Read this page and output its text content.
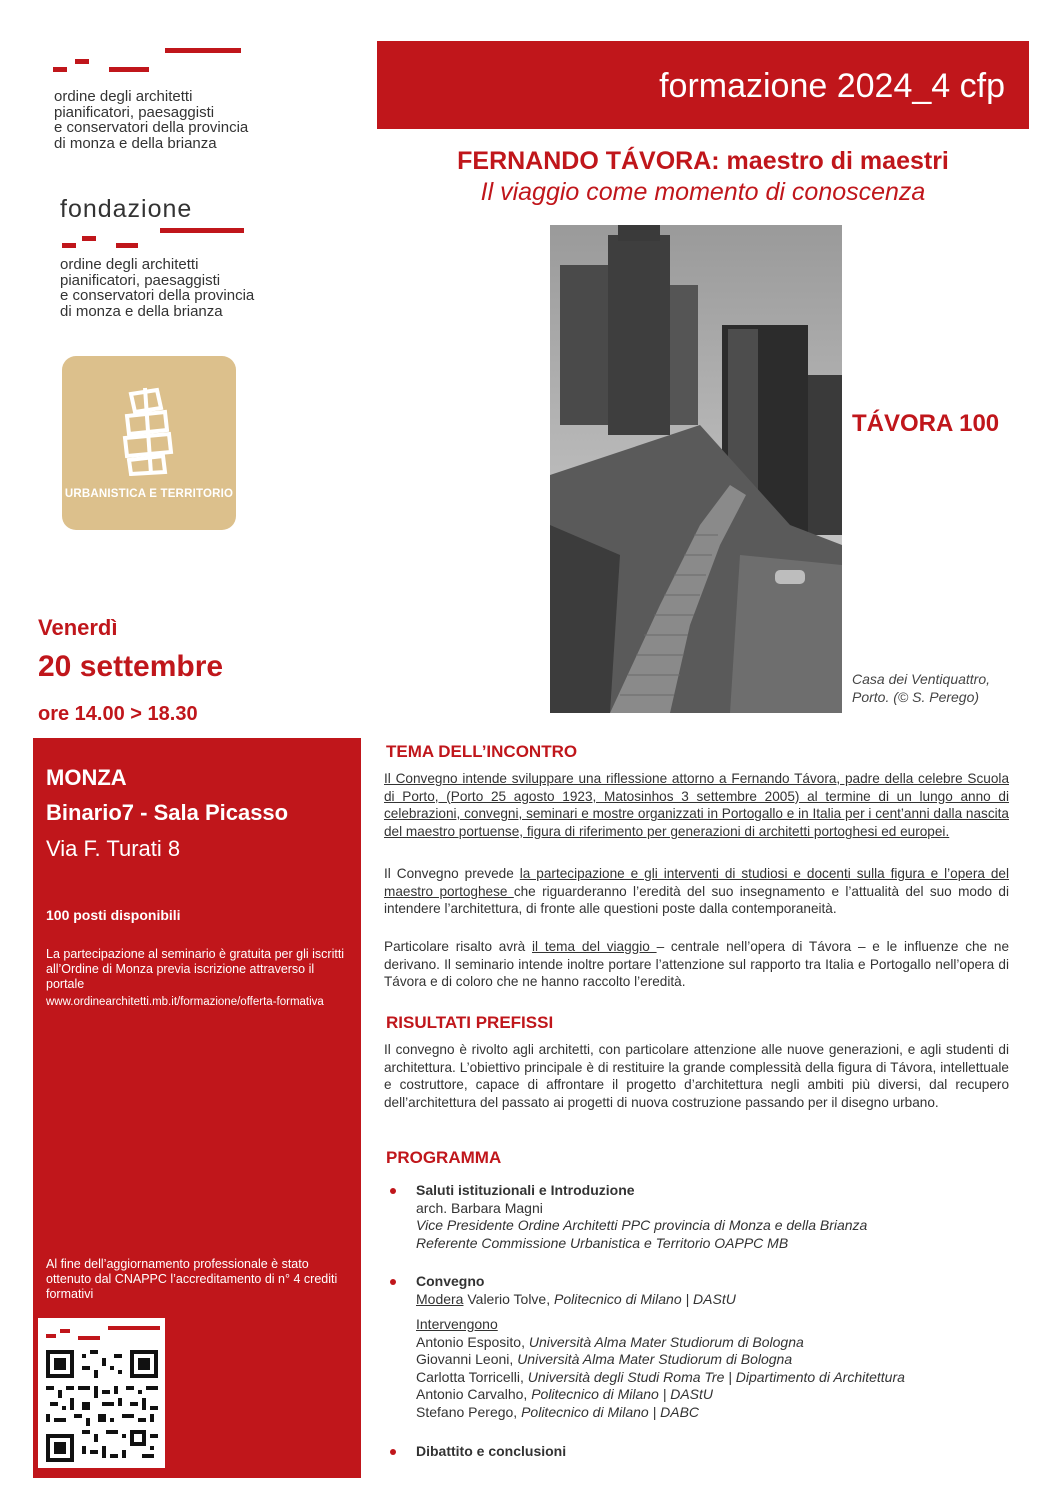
ordine degli architetti
pianificatori, paesaggisti
e conservatori della provincia
di monza e della brianza
fondazione
ordine degli architetti
pianificatori, paesaggisti
e conservatori della provincia
di monza e della brianza
URBANISTICA E TERRITORIO
formazione 2024_4 cfp
FERNANDO TÁVORA: maestro di maestri
Il viaggio come momento di conoscenza
TÁVORA 100
Casa dei Ventiquattro,
Porto. (© S. Perego)
Venerdì
20 settembre
ore 14.00 > 18.30
MONZA
Binario7 - Sala Picasso
Via F. Turati 8
100 posti disponibili
La partecipazione al seminario è gratuita per gli iscritti all’Ordine di Monza previa iscrizione attraverso il portale
www.ordinearchitetti.mb.it/formazione/offerta-formativa
Al fine dell’aggiornamento professionale è stato ottenuto dal CNAPPC l’accreditamento di n° 4 crediti formativi
TEMA DELL’INCONTRO
Il Convegno intende sviluppare una riflessione attorno a Fernando Távora, padre della celebre Scuola di Porto, (Porto 25 agosto 1923, Matosinhos 3 settembre 2005) al termine di un lungo anno di celebrazioni, convegni, seminari e mostre organizzati in Portogallo e in Italia per i cent’anni dalla nascita del maestro portuense, figura di riferimento per generazioni di architetti portoghesi ed europei.
Il Convegno prevede la partecipazione e gli interventi di studiosi e docenti sulla figura e l’opera del maestro portoghese che riguarderanno l’eredità del suo insegnamento e l’attualità del suo modo di intendere l’architettura, di fronte alle questioni poste dalla contemporaneità.
Particolare risalto avrà il tema del viaggio – centrale nell’opera di Távora – e le influenze che ne derivano. Il seminario intende inoltre portare l’attenzione sul rapporto tra Italia e Portogallo nell’opera di Távora e di coloro che ne hanno raccolto l’eredità.
RISULTATI PREFISSI
Il convegno è rivolto agli architetti, con particolare attenzione alle nuove generazioni, e agli studenti di architettura. L’obiettivo principale è di restituire la grande complessità della figura di Távora, intellettuale e costruttore, capace di affrontare il progetto d’architettura negli ambiti più diversi, dal recupero dell’architettura del passato ai progetti di nuova costruzione passando per il disegno urbano.
PROGRAMMA
Saluti istituzionali e Introduzione
arch. Barbara Magni
Vice Presidente Ordine Architetti PPC provincia di Monza e della Brianza
Referente Commissione Urbanistica e Territorio OAPPC MB
Convegno
Modera Valerio Tolve, Politecnico di Milano | DAStU
Intervengono
Antonio Esposito, Università Alma Mater Studiorum di Bologna
Giovanni Leoni, Università Alma Mater Studiorum di Bologna
Carlotta Torricelli, Università degli Studi Roma Tre | Dipartimento di Architettura
Antonio Carvalho, Politecnico di Milano | DAStU
Stefano Perego, Politecnico di Milano | DABC
Dibattito e conclusioni
